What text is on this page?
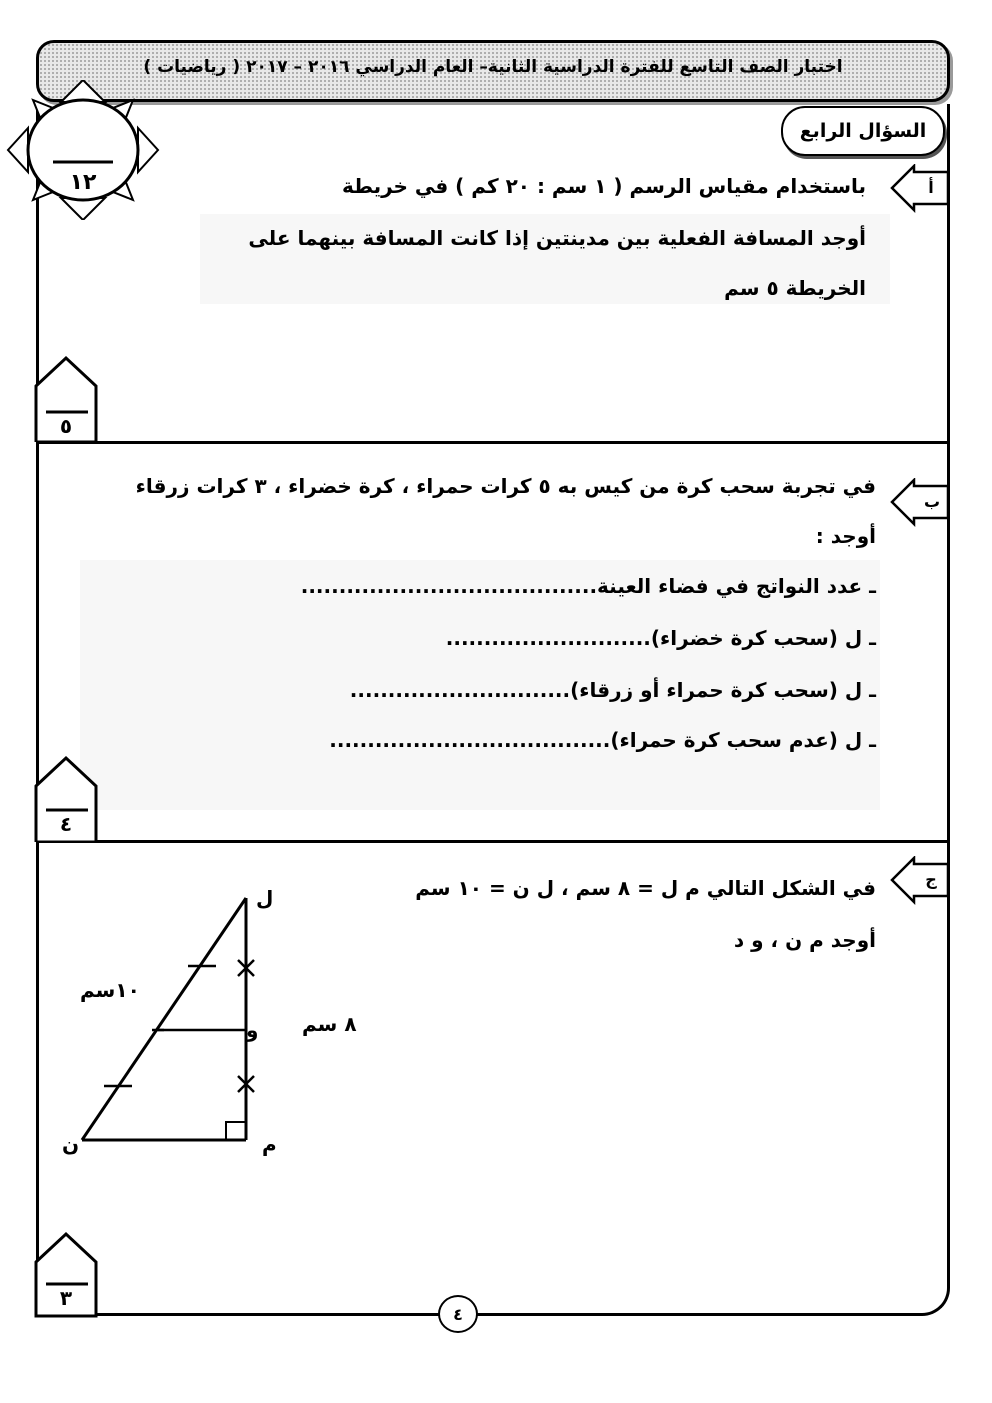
اختبار الصف التاسع للفترة الدراسية الثانية– العام الدراسي ٢٠١٦ – ٢٠١٧ ( رياضيات )
السؤال الرابع
١٢	أ
باستخدام مقياس الرسم ( ١ سم : ٢٠ كم ) في خريطة
أوجد المسافة الفعلية بين مدينتين إذا كانت المسافة بينهما على
الخريطة ٥ سم
٥
ب
في تجربة سحب كرة من كيس به ٥ كرات حمراء ، كرة خضراء ، ٣ كرات زرقاء
أوجد :
ـ عدد النواتج في فضاء العينة.......................................
ـ ل (سحب كرة خضراء)...........................
ـ ل (سحب كرة حمراء أو زرقاء).............................
ـ ل (عدم سحب كرة حمراء).....................................
٤
ج
في الشكل التالي م ل = ٨ سم ، ل ن = ١٠ سم
أوجد م ن ، و د
ل
و
م
ن
١٠سم
٨ سم
٣
٤
